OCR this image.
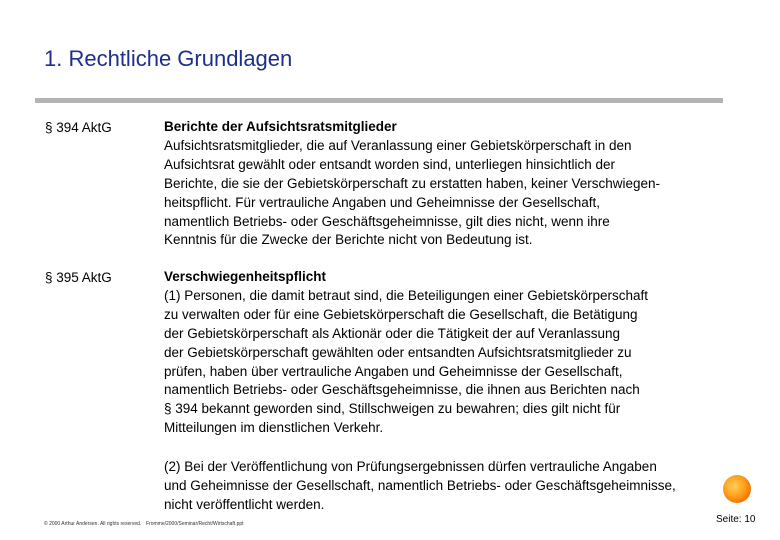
1. Rechtliche Grundlagen
§ 394 AktG	Berichte der Aufsichtsratsmitglieder
Aufsichtsratsmitglieder, die auf Veranlassung einer Gebietskörperschaft in den
Aufsichtsrat gewählt oder entsandt worden sind, unterliegen hinsichtlich der
Berichte, die sie der Gebietskörperschaft zu erstatten haben, keiner Verschwiegen-
heitspflicht. Für vertrauliche Angaben und Geheimnisse der Gesellschaft,
namentlich Betriebs- oder Geschäftsgeheimnisse, gilt dies nicht, wenn ihre
Kenntnis für die Zwecke der Berichte nicht von Bedeutung ist.
§ 395 AktG	Verschwiegenheitspflicht
(1) Personen, die damit betraut sind, die Beteiligungen einer Gebietskörperschaft
zu verwalten oder für eine Gebietskörperschaft die Gesellschaft, die Betätigung
der Gebietskörperschaft als Aktionär oder die Tätigkeit der auf Veranlassung
der Gebietskörperschaft gewählten oder entsandten Aufsichtsratsmitglieder zu
prüfen, haben über vertrauliche Angaben und Geheimnisse der Gesellschaft,
namentlich Betriebs- oder Geschäftsgeheimnisse, die ihnen aus Berichten nach
§ 394 bekannt geworden sind, Stillschweigen zu bewahren; dies gilt nicht für
Mitteilungen im dienstlichen Verkehr.
(2) Bei der Veröffentlichung von Prüfungsergebnissen dürfen vertrauliche Angaben
und Geheimnisse der Gesellschaft, namentlich Betriebs- oder Geschäftsgeheimnisse,
nicht veröffentlicht werden.
© 2000 Arthur Andersen. All rights reserved. Fromme/2000/Seminar/Recht/Wirtschaft.ppt	Seite: 10
